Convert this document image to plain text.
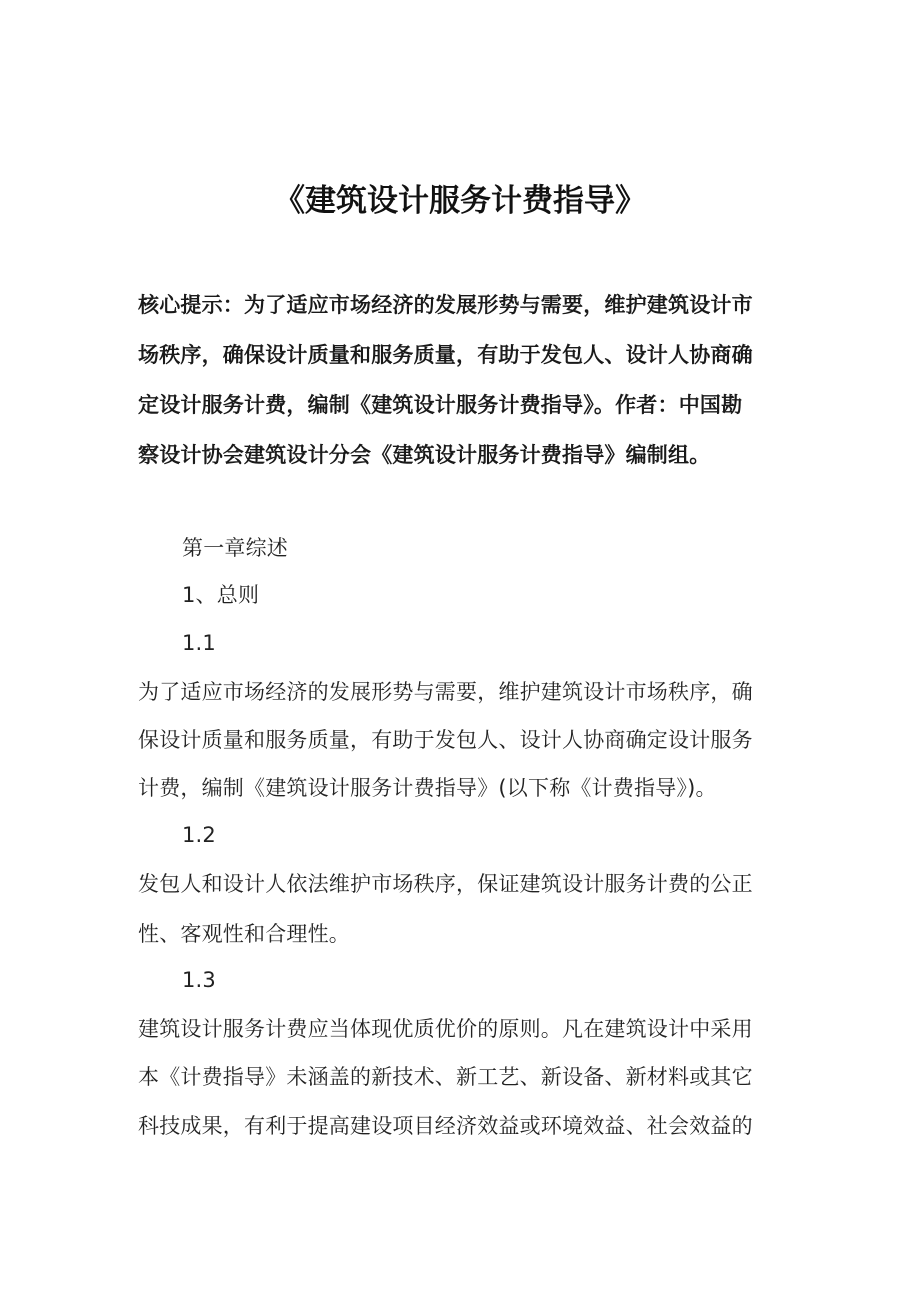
《建筑设计服务计费指导》
核心提示：为了适应市场经济的发展形势与需要，维护建筑设计市
场秩序，确保设计质量和服务质量，有助于发包人、设计人协商确
定设计服务计费，编制《建筑设计服务计费指导》。作者：中国勘
察设计协会建筑设计分会《建筑设计服务计费指导》编制组。
第一章综述
1、总则
1.1
为了适应市场经济的发展形势与需要，维护建筑设计市场秩序，确
保设计质量和服务质量，有助于发包人、设计人协商确定设计服务
计费，编制《建筑设计服务计费指导》(以下称《计费指导》)。
1.2
发包人和设计人依法维护市场秩序，保证建筑设计服务计费的公正
性、客观性和合理性。
1.3
建筑设计服务计费应当体现优质优价的原则。凡在建筑设计中采用
本《计费指导》未涵盖的新技术、新工艺、新设备、新材料或其它
科技成果，有利于提高建设项目经济效益或环境效益、社会效益的
